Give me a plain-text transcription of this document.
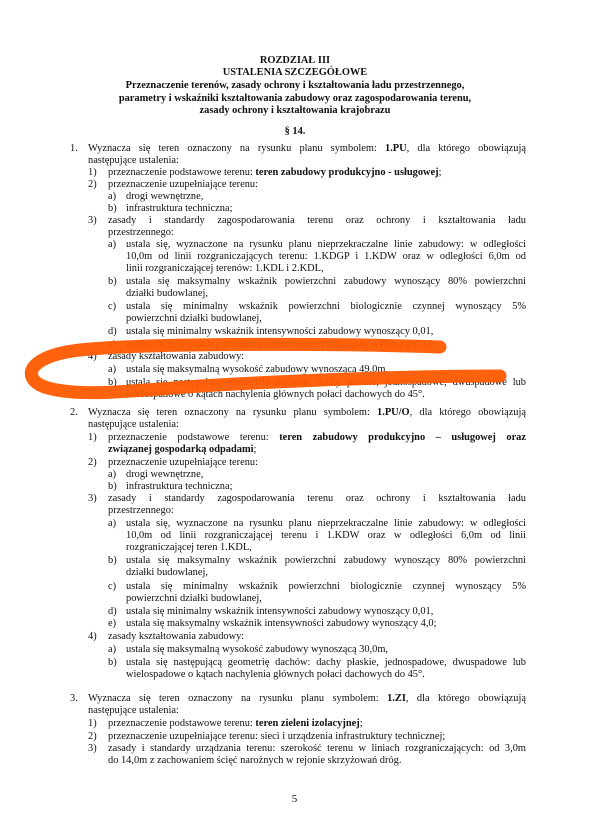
ROZDZIAŁ III
USTALENIA SZCZEGÓŁOWE
Przeznaczenie terenów, zasady ochrony i kształtowania ładu przestrzennego,
parametry i wskaźniki kształtowania zabudowy oraz zagospodarowania terenu,
zasady ochrony i kształtowania krajobrazu
§ 14.
1. Wyznacza się teren oznaczony na rysunku planu symbolem: 1.PU, dla którego obowiązują
następujące ustalenia:
1) przeznaczenie podstawowe terenu: teren zabudowy produkcyjno - usługowej;
2) przeznaczenie uzupełniające terenu:
a) drogi wewnętrzne,
b) infrastruktura techniczna;
3) zasady i standardy zagospodarowania terenu oraz ochrony i kształtowania ładu
przestrzennego:
a) ustala się, wyznaczone na rysunku planu nieprzekraczalne linie zabudowy: w odległości
10,0m od linii rozgraniczających terenu: 1.KDGP i 1.KDW oraz w odległości 6,0m od
linii rozgraniczającej terenów: 1.KDL i 2.KDL,
b) ustala się maksymalny wskaźnik powierzchni zabudowy wynoszący 80% powierzchni
działki budowlanej,
c) ustala się minimalny wskaźnik powierzchni biologicznie czynnej wynoszący 5%
powierzchni działki budowlanej,
d) ustala się minimalny wskaźnik intensywności zabudowy wynoszący 0,01,
e) ustala się maksymalny wskaźnik intensywności zabudowy wynoszący 4,0;
4) zasady kształtowania zabudowy:
a) ustala się maksymalną wysokość zabudowy wynoszącą 49,0m,
b) ustala się następującą geometrię dachów: dachy płaskie, jednospadowe, dwuspadowe lub
wielospadowe o kątach nachylenia głównych połaci dachowych do 45°.
2. Wyznacza się teren oznaczony na rysunku planu symbolem: 1.PU/O, dla którego obowiązują
następujące ustalenia:
1) przeznaczenie podstawowe terenu: teren zabudowy produkcyjno – usługowej oraz
związanej gospodarką odpadami;
2) przeznaczenie uzupełniające terenu:
a) drogi wewnętrzne,
b) infrastruktura techniczna;
3) zasady i standardy zagospodarowania terenu oraz ochrony i kształtowania ładu
przestrzennego:
a) ustala się, wyznaczone na rysunku planu nieprzekraczalne linie zabudowy: w odległości
10,0m od linii rozgraniczającej terenu i 1.KDW oraz w odległości 6,0m od linii
rozgraniczającej teren 1.KDL,
b) ustala się maksymalny wskaźnik powierzchni zabudowy wynoszący 80% powierzchni
działki budowlanej,
c) ustala się minimalny wskaźnik powierzchni biologicznie czynnej wynoszący 5%
powierzchni działki budowlanej,
d) ustala się minimalny wskaźnik intensywności zabudowy wynoszący 0,01,
e) ustala się maksymalny wskaźnik intensywności zabudowy wynoszący 4,0;
4) zasady kształtowania zabudowy:
a) ustala się maksymalną wysokość zabudowy wynoszącą 30,0m,
b) ustala się następującą geometrię dachów: dachy płaskie, jednospadowe, dwuspadowe lub
wielospadowe o kątach nachylenia głównych połaci dachowych do 45°.
3. Wyznacza się teren oznaczony na rysunku planu symbolem: 1.ZI, dla którego obowiązują
następujące ustalenia:
1) przeznaczenie podstawowe terenu: teren zieleni izolacyjnej;
2) przeznaczenie uzupełniające terenu: sieci i urządzenia infrastruktury technicznej;
3) zasady i standardy urządzania terenu: szerokość terenu w liniach rozgraniczających: od 3,0m
do 14,0m z zachowaniem ścięć narożnych w rejonie skrzyżowań dróg.
5
